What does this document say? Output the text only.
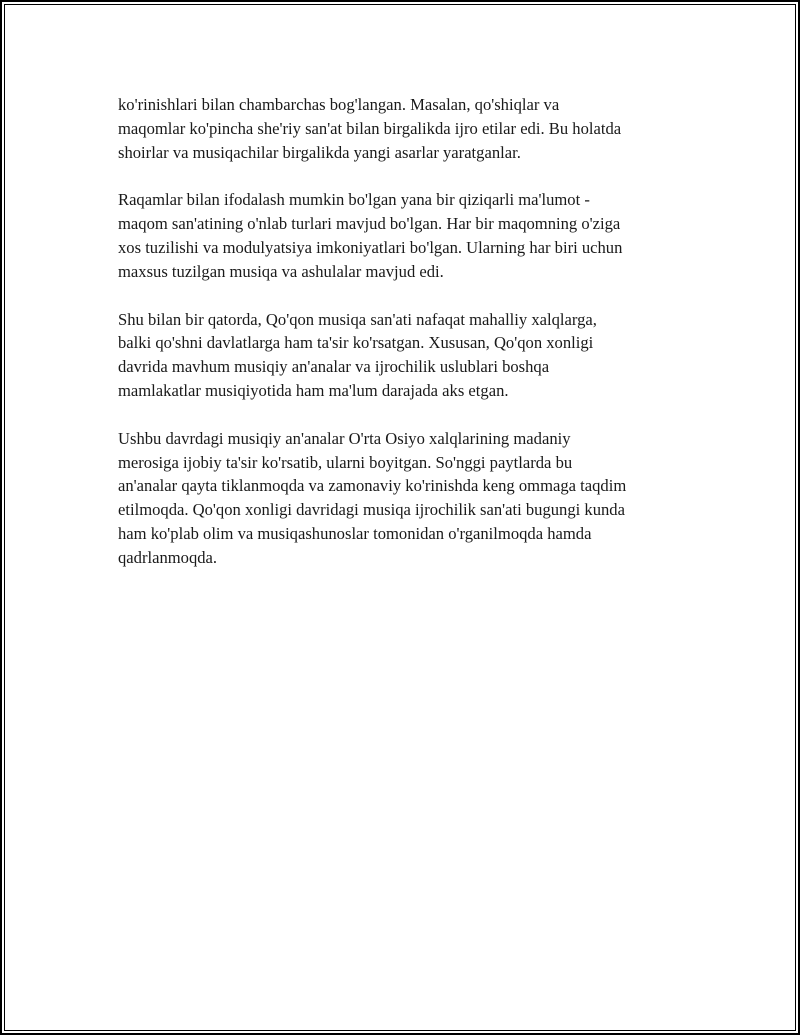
ko'rinishlari bilan chambarchas bog'langan. Masalan, qo'shiqlar va
maqomlar ko'pincha she'riy san'at bilan birgalikda ijro etilar edi. Bu holatda
shoirlar va musiqachilar birgalikda yangi asarlar yaratganlar.

Raqamlar bilan ifodalash mumkin bo'lgan yana bir qiziqarli ma'lumot -
maqom san'atining o'nlab turlari mavjud bo'lgan. Har bir maqomning o'ziga
xos tuzilishi va modulyatsiya imkoniyatlari bo'lgan. Ularning har biri uchun
maxsus tuzilgan musiqa va ashulalar mavjud edi.

Shu bilan bir qatorda, Qo'qon musiqa san'ati nafaqat mahalliy xalqlarga,
balki qo'shni davlatlarga ham ta'sir ko'rsatgan. Xususan, Qo'qon xonligi
davrida mavhum musiqiy an'analar va ijrochilik uslublari boshqa
mamlakatlar musiqiyotida ham ma'lum darajada aks etgan.

Ushbu davrdagi musiqiy an'analar O'rta Osiyo xalqlarining madaniy
merosiga ijobiy ta'sir ko'rsatib, ularni boyitgan. So'nggi paytlarda bu
an'analar qayta tiklanmoqda va zamonaviy ko'rinishda keng ommaga taqdim
etilmoqda. Qo'qon xonligi davridagi musiqa ijrochilik san'ati bugungi kunda
ham ko'plab olim va musiqashunoslar tomonidan o'rganilmoqda hamda
qadrlanmoqda.
